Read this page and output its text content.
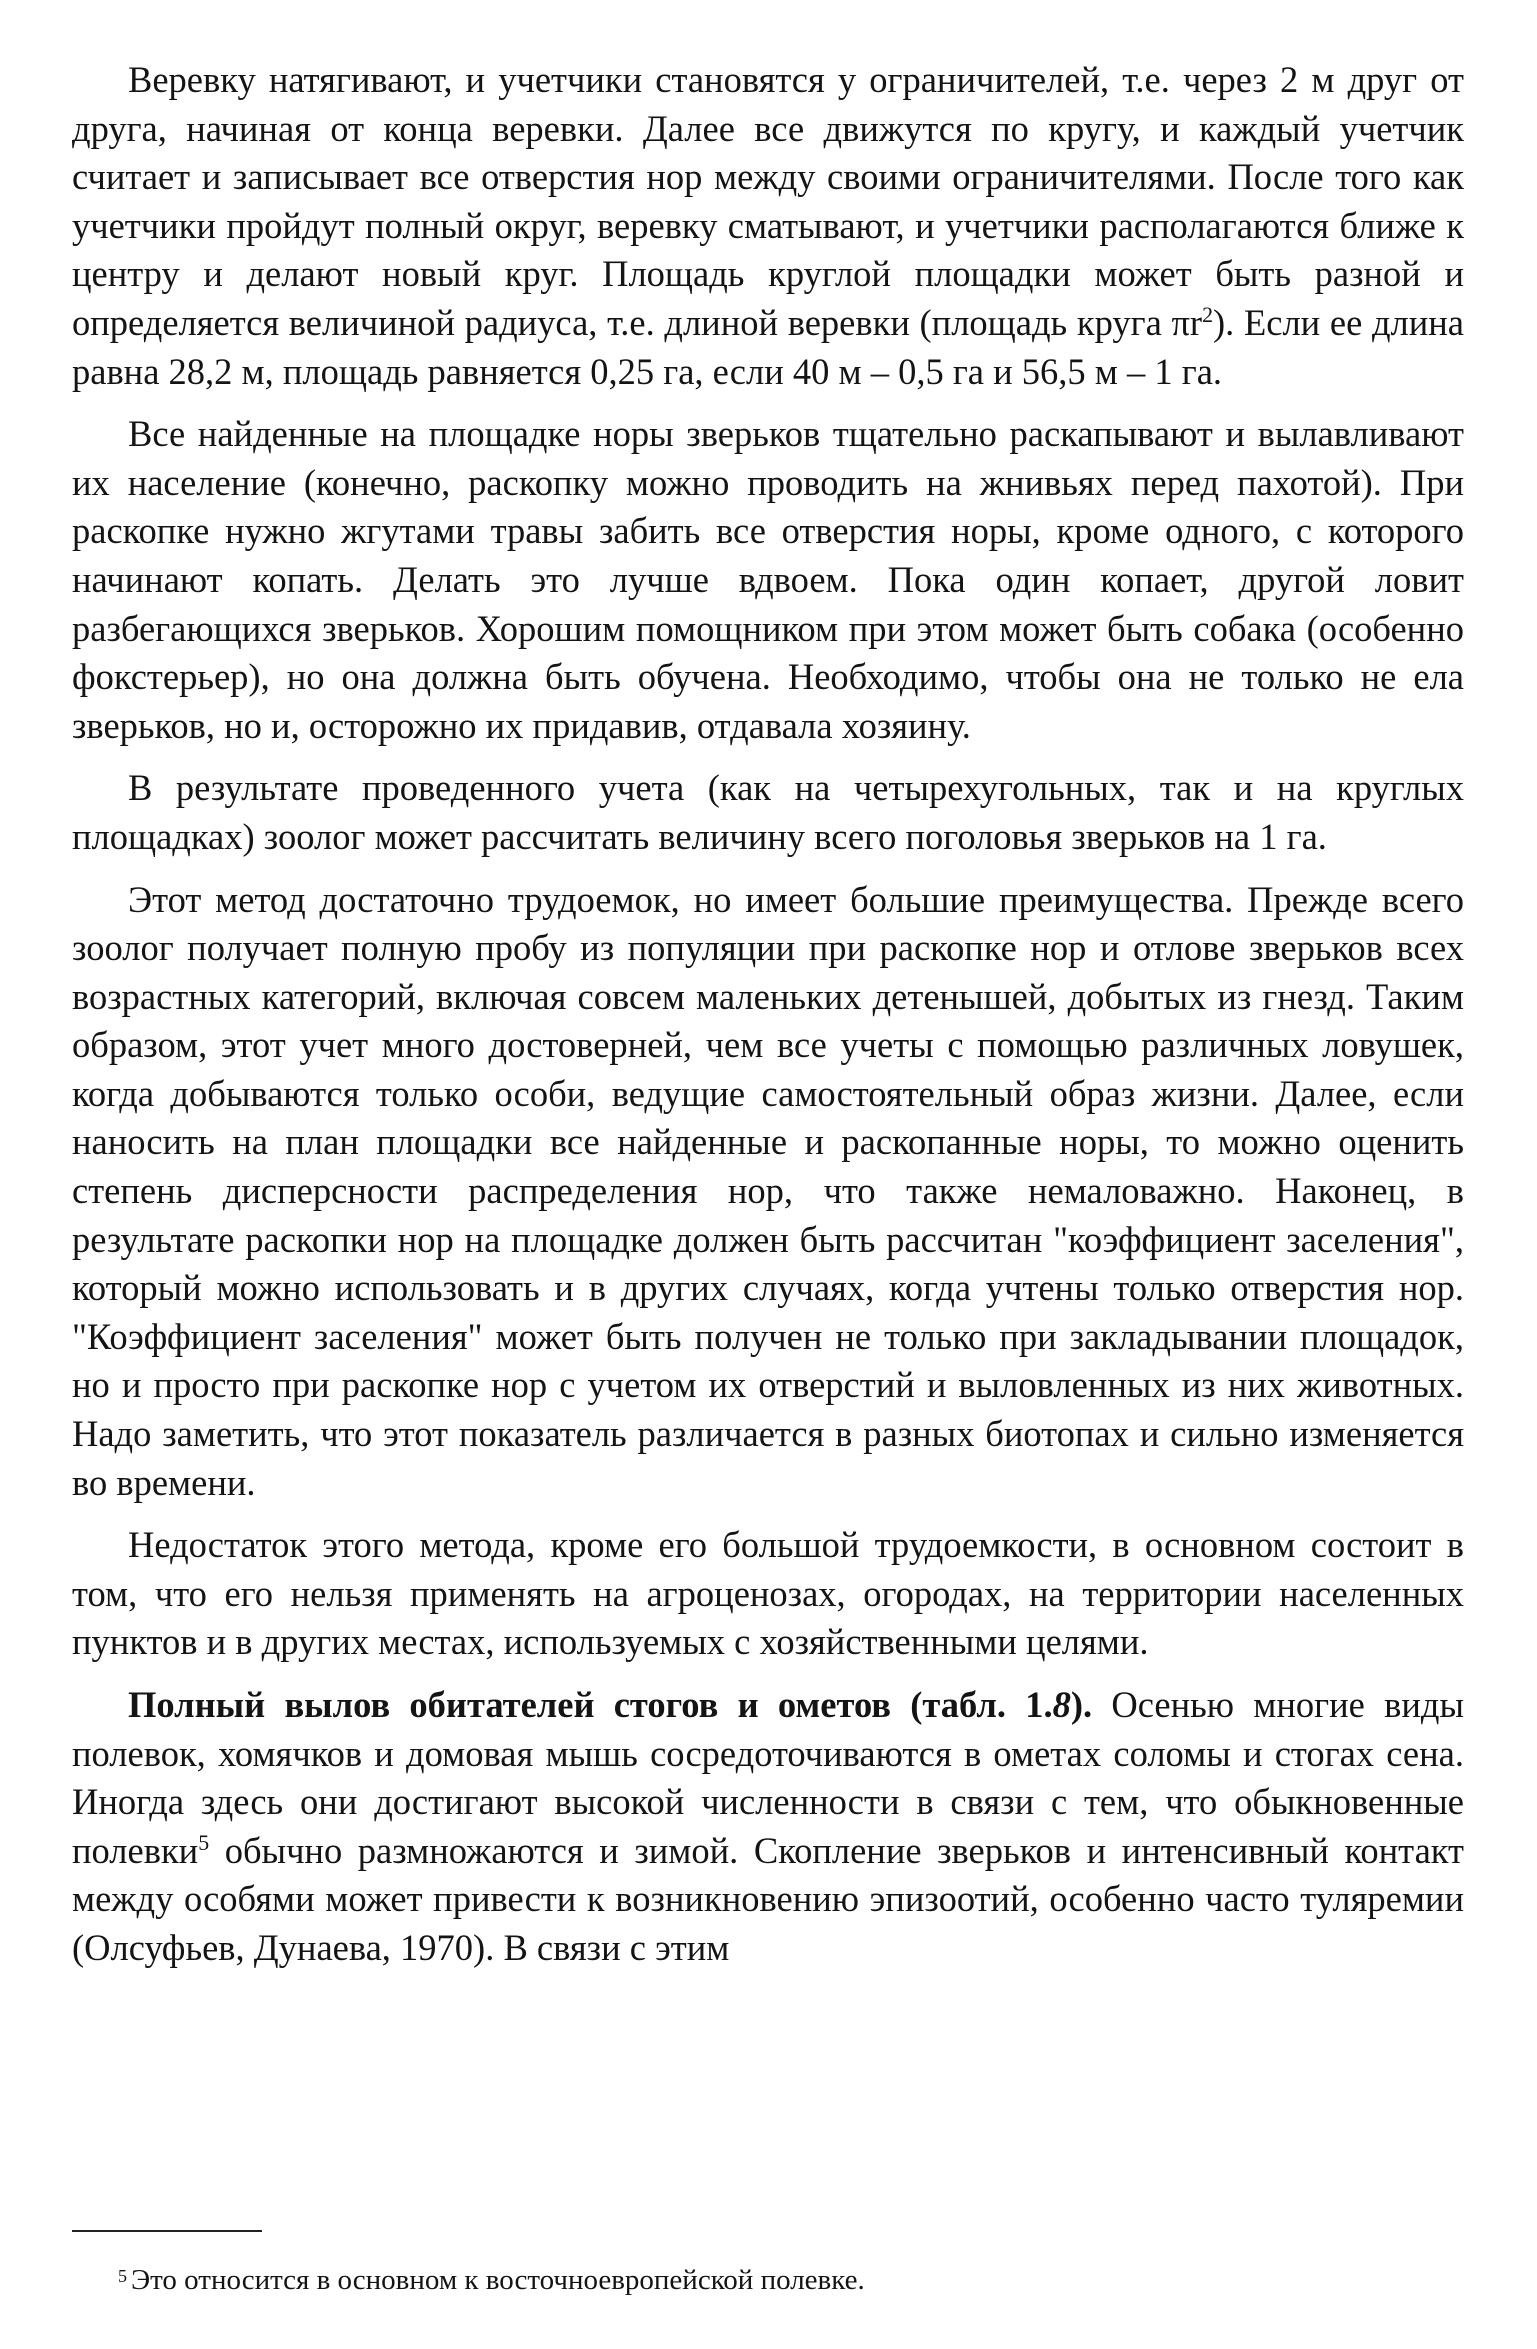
Веревку натягивают, и учетчики становятся у ограничителей, т.е. через 2 м друг от друга, начиная от конца веревки. Далее все движутся по кругу, и каждый учетчик считает и записывает все отверстия нор между своими ограничителями. После того как учетчики пройдут полный округ, веревку сматывают, и учетчики располагаются ближе к центру и делают новый круг. Площадь круглой площадки может быть разной и определяется величиной радиуса, т.е. длиной веревки (площадь круга $\pi r^2$). Если ее длина равна 28,2 м, площадь равняется 0,25 га, если 40 м – 0,5 га и 56,5 м – 1 га.

Все найденные на площадке норы зверьков тщательно раскапывают и вылавливают их население (конечно, раскопку можно проводить на жнивьях перед пахотой). При раскопке нужно жгутами травы забить все отверстия норы, кроме одного, с которого начинают копать. Делать это лучше вдвоем. Пока один копает, другой ловит разбегающихся зверьков. Хорошим помощником при этом может быть собака (особенно фокстерьер), но она должна быть обучена. Необходимо, чтобы она не только не ела зверьков, но и, осторожно их придавив, отдавала хозяину.

В результате проведенного учета (как на четырехугольных, так и на круглых площадках) зоолог может рассчитать величину всего поголовья зверьков на 1 га.

Этот метод достаточно трудоемок, но имеет большие преимущества. Прежде всего зоолог получает полную пробу из популяции при раскопке нор и отлове зверьков всех возрастных категорий, включая совсем маленьких детенышей, добытых из гнезд. Таким образом, этот учет много достоверней, чем все учеты с помощью различных ловушек, когда добываются только особи, ведущие самостоятельный образ жизни. Далее, если наносить на план площадки все найденные и раскопанные норы, то можно оценить степень дисперсности распределения нор, что также немаловажно. Наконец, в результате раскопки нор на площадке должен быть рассчитан "коэффициент заселения", который можно использовать и в других случаях, когда учтены только отверстия нор. "Коэффициент заселения" может быть получен не только при закладывании площадок, но и просто при раскопке нор с учетом их отверстий и выловленных из них животных. Надо заметить, что этот показатель различается в разных биотопах и сильно изменяется во времени.

Недостаток этого метода, кроме его большой трудоемкости, в основном состоит в том, что его нельзя применять на агроценозах, огородах, на территории населенных пунктов и в других местах, используемых с хозяйственными целями.

Полный вылов обитателей стогов и ометов (табл. 1.8). Осенью многие виды полевок, хомячков и домовая мышь сосредоточиваются в ометах соломы и стогах сена. Иногда здесь они достигают высокой численности в связи с тем, что обыкновенные полевки$^5$ обычно размножаются и зимой. Скопление зверьков и интенсивный контакт между особями может привести к возникновению эпизоотий, особенно часто туляремии (Олсуфьев, Дунаева, 1970). В связи с этим

$^5$ Это относится в основном к восточноевропейской полевке.
